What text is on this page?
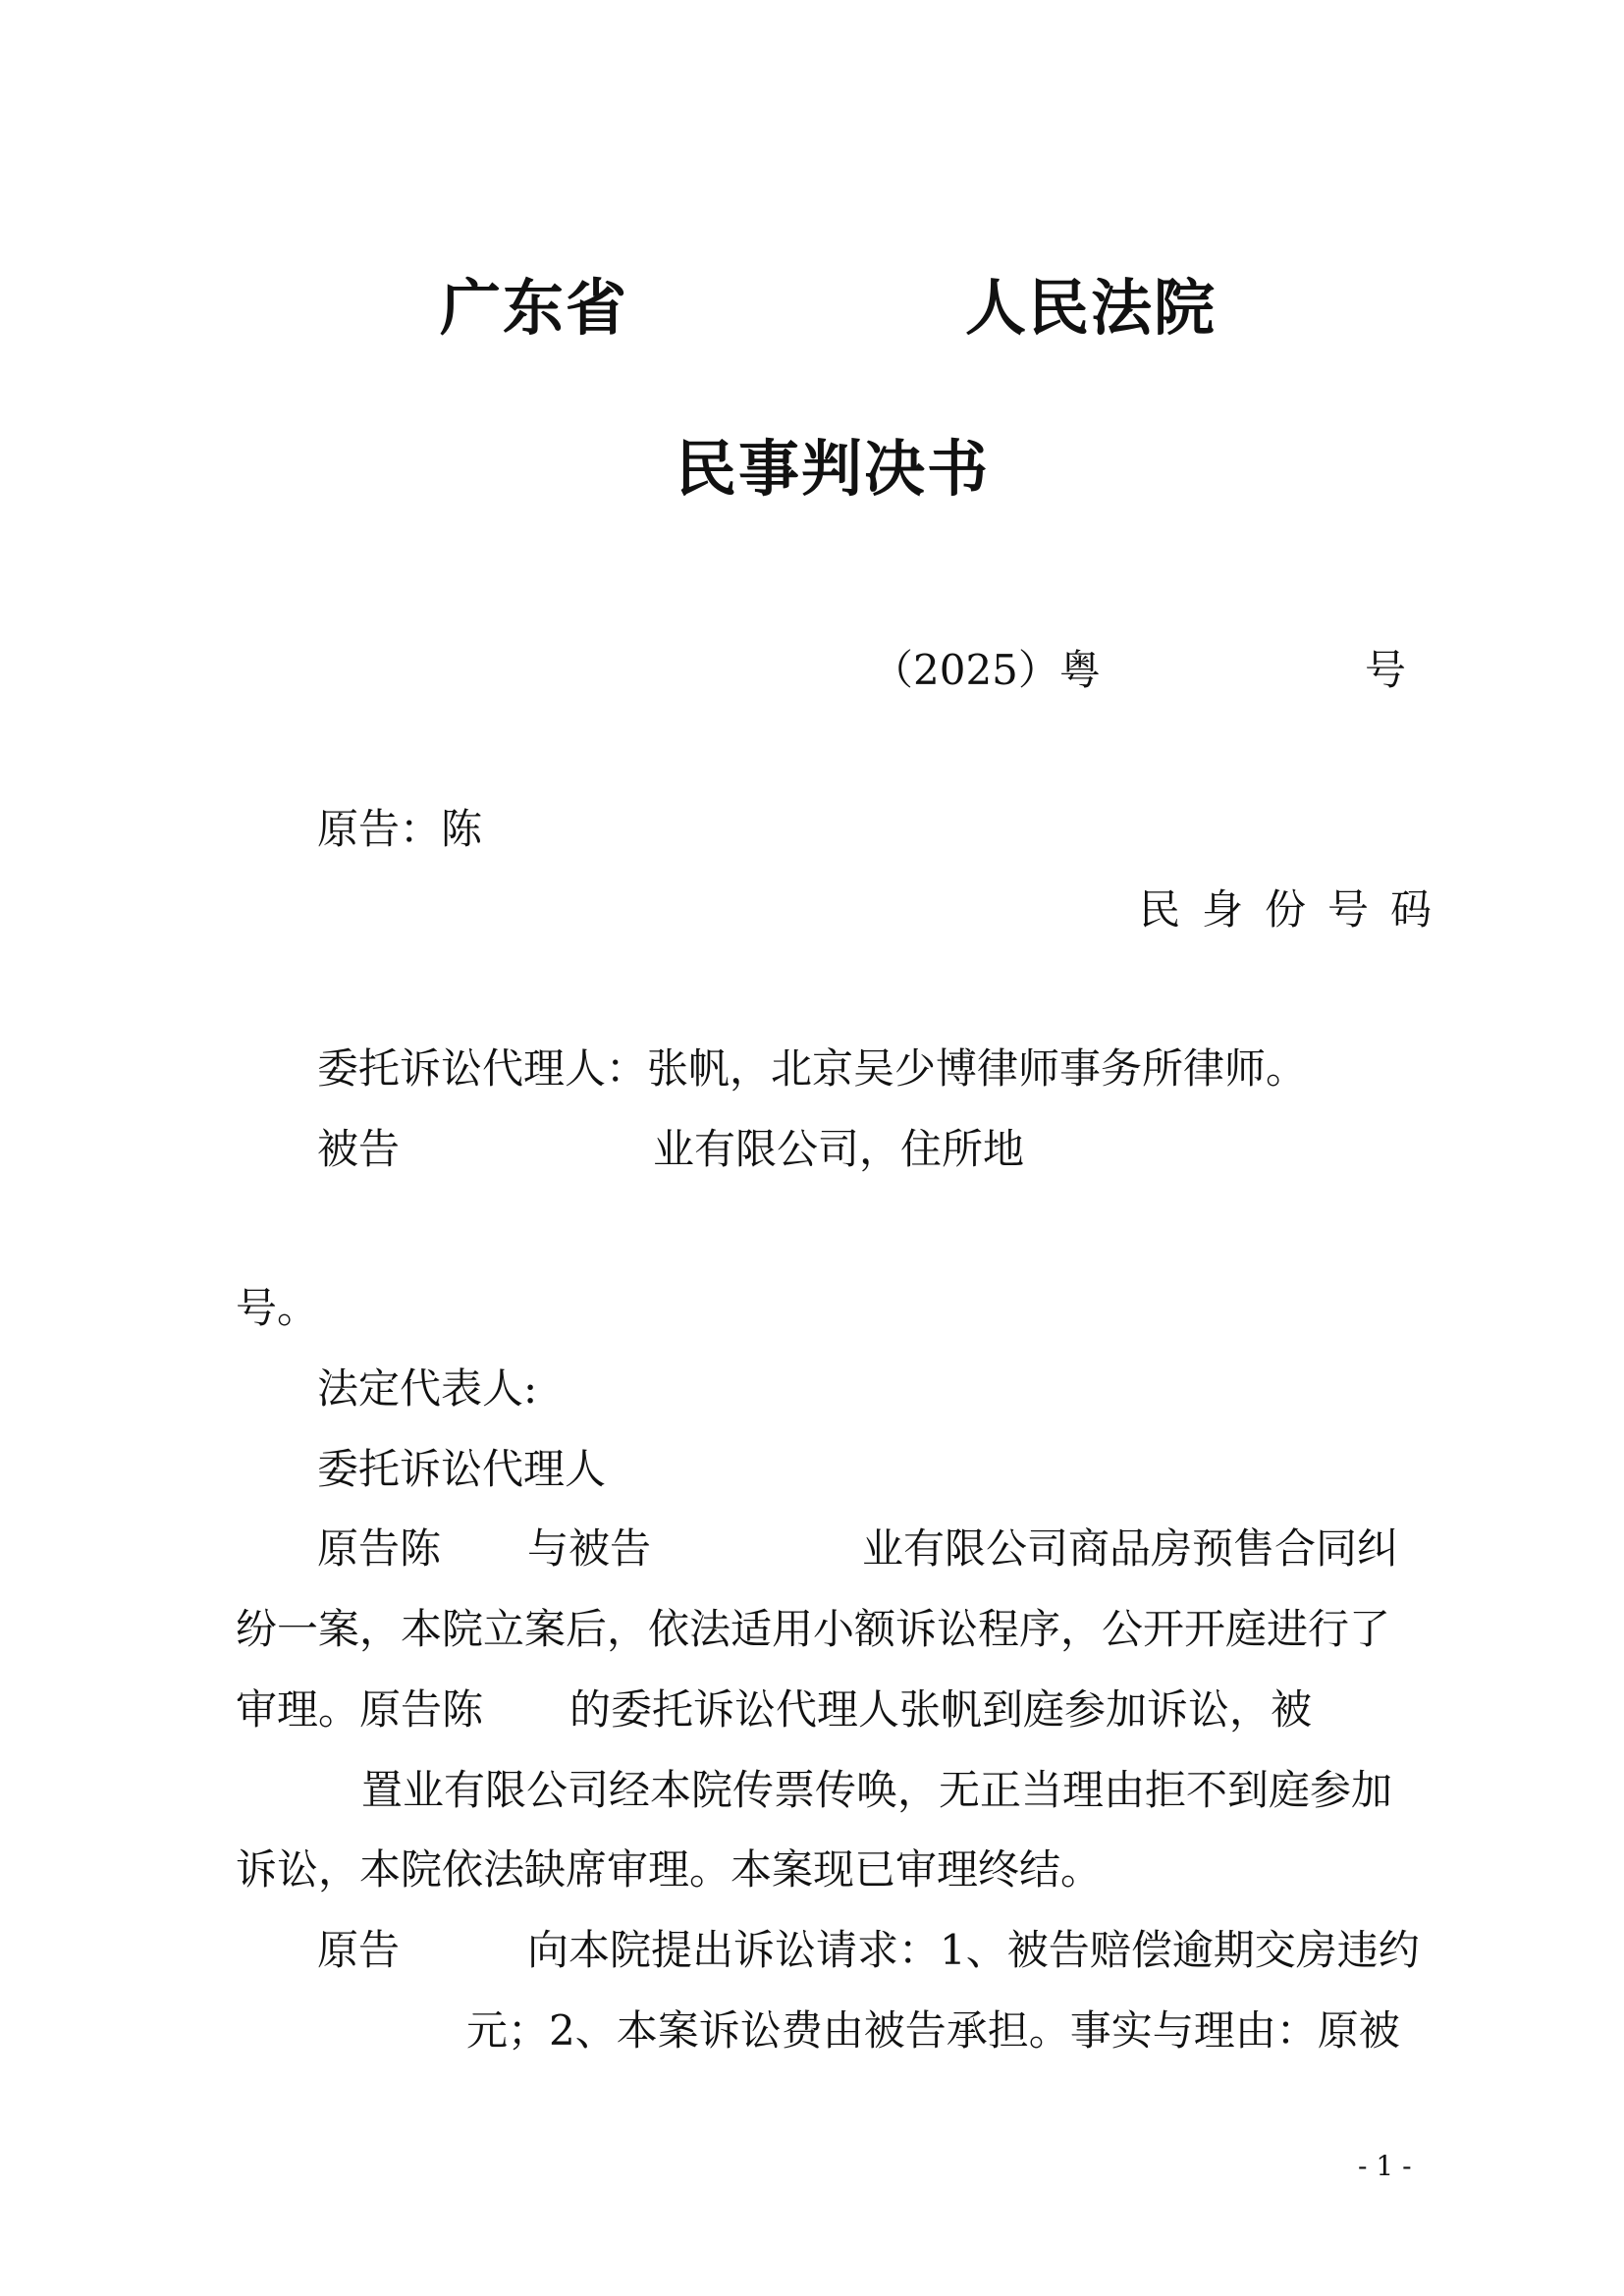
广东省	人民法院
民事判决书
（2025）粤	号
原告：陈
民身份号码
委托诉讼代理人：张帆，北京吴少博律师事务所律师。
被告	业有限公司，住所地
号。
法定代表人:
委托诉讼代理人
原告陈 与被告	业有限公司商品房预售合同纠
纷一案，本院立案后，依法适用小额诉讼程序，公开开庭进行了
审理。原告陈 的委托诉讼代理人张帆到庭参加诉讼，被
置业有限公司经本院传票传唤，无正当理由拒不到庭参加
诉讼，本院依法缺席审理。本案现已审理终结。
原告	向本院提出诉讼请求：1、被告赔偿逾期交房违约
元；2、本案诉讼费由被告承担。事实与理由：原被
- 1 -
